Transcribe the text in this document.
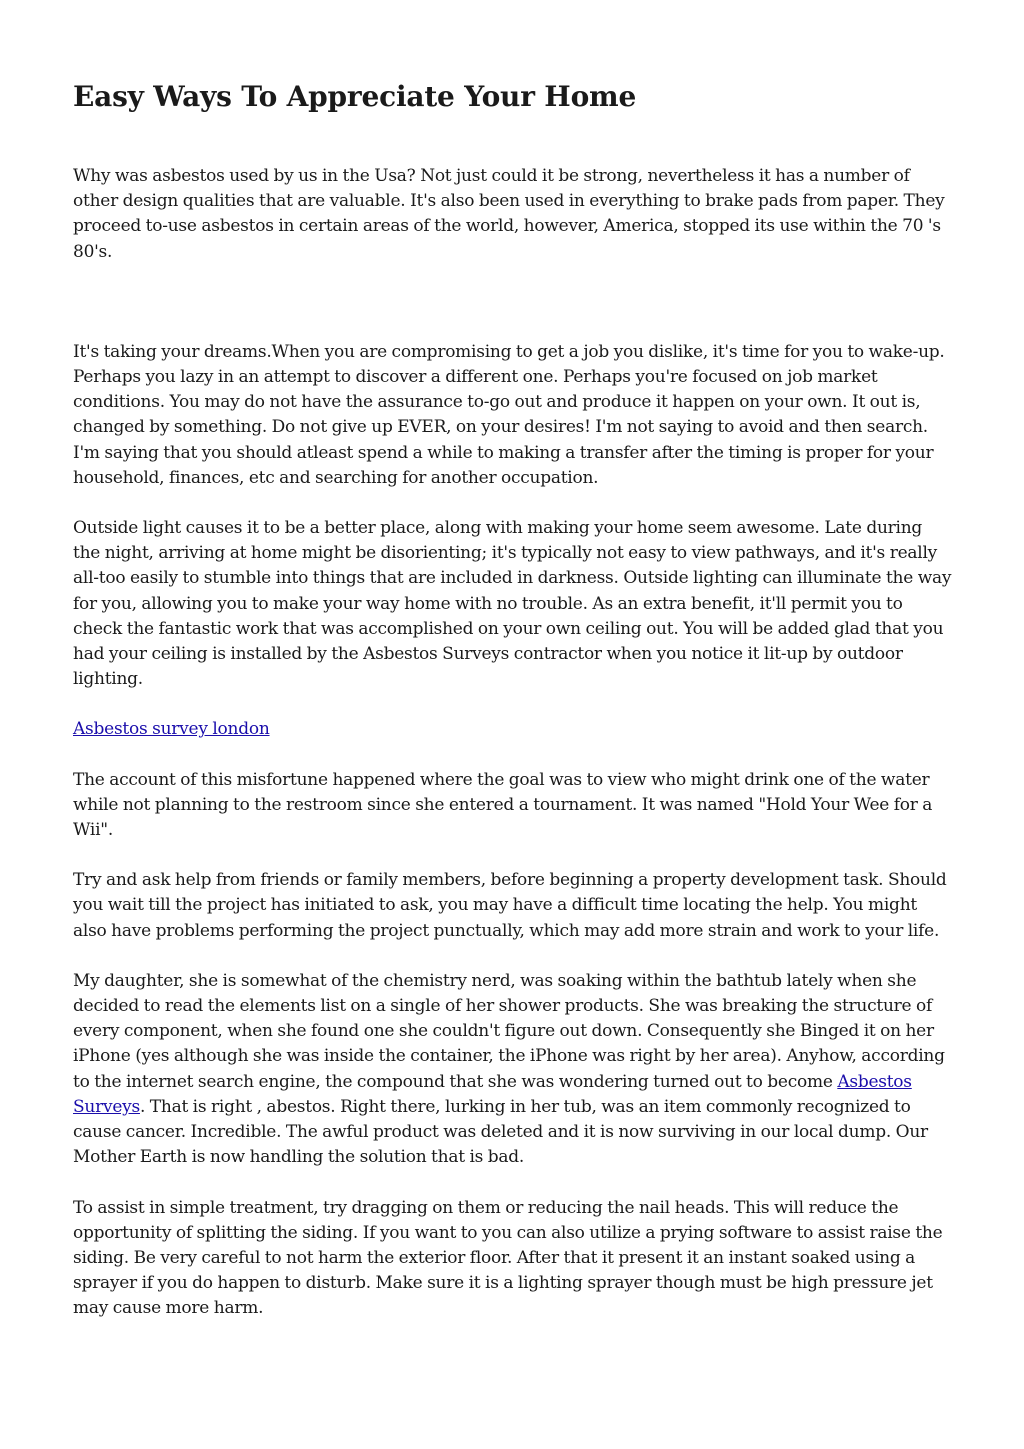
Easy Ways To Appreciate Your Home

Why was asbestos used by us in the Usa? Not just could it be strong, nevertheless it has a number of other design qualities that are valuable. It's also been used in everything to brake pads from paper. They proceed to-use asbestos in certain areas of the world, however, America, stopped its use within the 70 's 80's.

It's taking your dreams.When you are compromising to get a job you dislike, it's time for you to wake-up. Perhaps you lazy in an attempt to discover a different one. Perhaps you're focused on job market conditions. You may do not have the assurance to-go out and produce it happen on your own. It out is, changed by something. Do not give up EVER, on your desires! I'm not saying to avoid and then search. I'm saying that you should atleast spend a while to making a transfer after the timing is proper for your household, finances, etc and searching for another occupation.

Outside light causes it to be a better place, along with making your home seem awesome. Late during the night, arriving at home might be disorienting; it's typically not easy to view pathways, and it's really all-too easily to stumble into things that are included in darkness. Outside lighting can illuminate the way for you, allowing you to make your way home with no trouble. As an extra benefit, it'll permit you to check the fantastic work that was accomplished on your own ceiling out. You will be added glad that you had your ceiling is installed by the Asbestos Surveys contractor when you notice it lit-up by outdoor lighting.

Asbestos survey london

The account of this misfortune happened where the goal was to view who might drink one of the water while not planning to the restroom since she entered a tournament. It was named "Hold Your Wee for a Wii".

Try and ask help from friends or family members, before beginning a property development task. Should you wait till the project has initiated to ask, you may have a difficult time locating the help. You might also have problems performing the project punctually, which may add more strain and work to your life.

My daughter, she is somewhat of the chemistry nerd, was soaking within the bathtub lately when she decided to read the elements list on a single of her shower products. She was breaking the structure of every component, when she found one she couldn't figure out down. Consequently she Binged it on her iPhone (yes although she was inside the container, the iPhone was right by her area). Anyhow, according to the internet search engine, the compound that she was wondering turned out to become Asbestos Surveys. That is right , abestos. Right there, lurking in her tub, was an item commonly recognized to cause cancer. Incredible. The awful product was deleted and it is now surviving in our local dump. Our Mother Earth is now handling the solution that is bad.

To assist in simple treatment, try dragging on them or reducing the nail heads. This will reduce the opportunity of splitting the siding. If you want to you can also utilize a prying software to assist raise the siding. Be very careful to not harm the exterior floor. After that it present it an instant soaked using a sprayer if you do happen to disturb. Make sure it is a lighting sprayer though must be high pressure jet may cause more harm.
